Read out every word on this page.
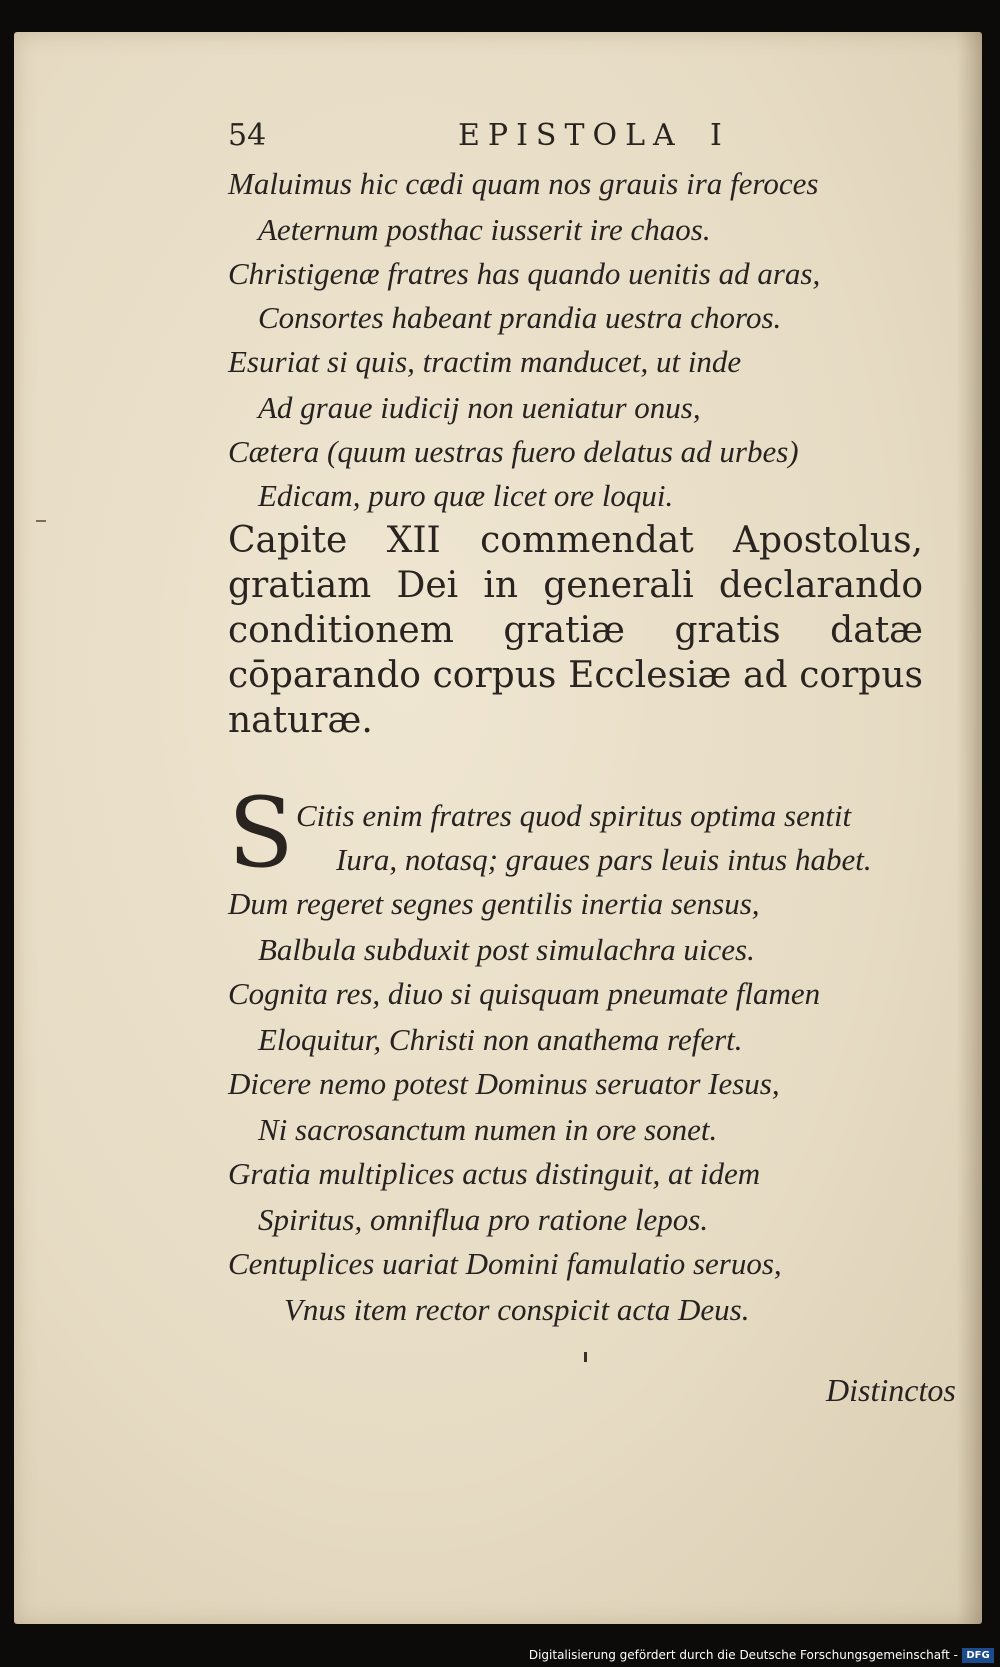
54	EPISTOLA I
Maluimus hic cædi quam nos grauis ira feroces
Aeternum posthac iusserit ire chaos.
Christigenæ fratres has quando uenitis ad aras,
Consortes habeant prandia uestra choros.
Esuriat si quis, tractim manducet, ut inde
Ad graue iudicij non ueniatur onus,
Cætera (quum uestras fuero delatus ad urbes)
Edicam, puro quæ licet ore loqui.
Capite XII commendat Apostolus, gratiam Dei in generali declarando conditionem gratiæ gratis datæ cōparando corpus Ecclesiæ ad corpus naturæ.
S Citis enim fratres quod spiritus optima sentit
Iura, notasq; graues pars leuis intus habet.
Dum regeret segnes gentilis inertia sensus,
Balbula subduxit post simulachra uices.
Cognita res, diuo si quisquam pneumate flamen
Eloquitur, Christi non anathema refert.
Dicere nemo potest Dominus seruator Iesus,
Ni sacrosanctum numen in ore sonet.
Gratia multiplices actus distinguit, at idem
Spiritus, omniflua pro ratione lepos.
Centuplices uariat Domini famulatio seruos,
Vnus item rector conspicit acta Deus.
Distinctos
Digitalisierung gefördert durch die Deutsche Forschungsgemeinschaft - DFG
